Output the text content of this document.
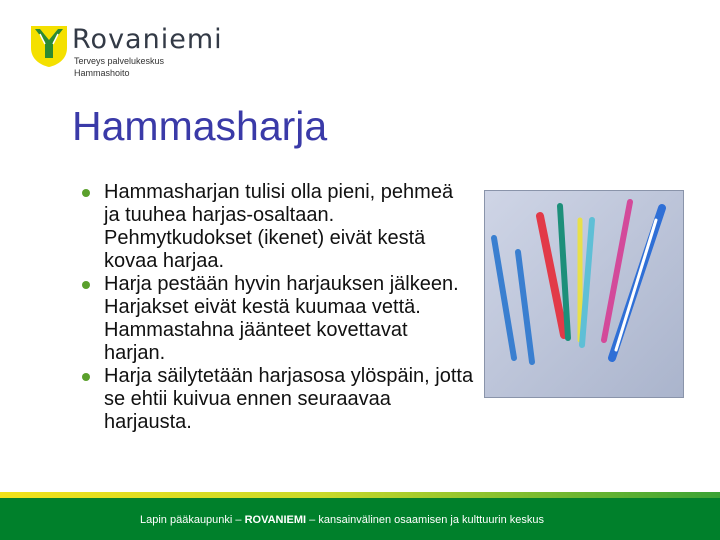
Rovaniemi
Terveys palvelukeskus
Hammashoito
Hammasharja
Hammasharjan tulisi olla pieni, pehmeä ja tuuhea harjas-osaltaan. Pehmytkudokset (ikenet) eivät kestä kovaa harjaa.
Harja pestään hyvin harjauksen jälkeen. Harjakset eivät kestä kuumaa vettä. Hammastahna jäänteet kovettavat harjan.
Harja säilytetään harjasosa ylöspäin, jotta se ehtii kuivua ennen seuraavaa harjausta.
Lapin pääkaupunki – ROVANIEMI – kansainvälinen osaamisen ja kulttuurin keskus
